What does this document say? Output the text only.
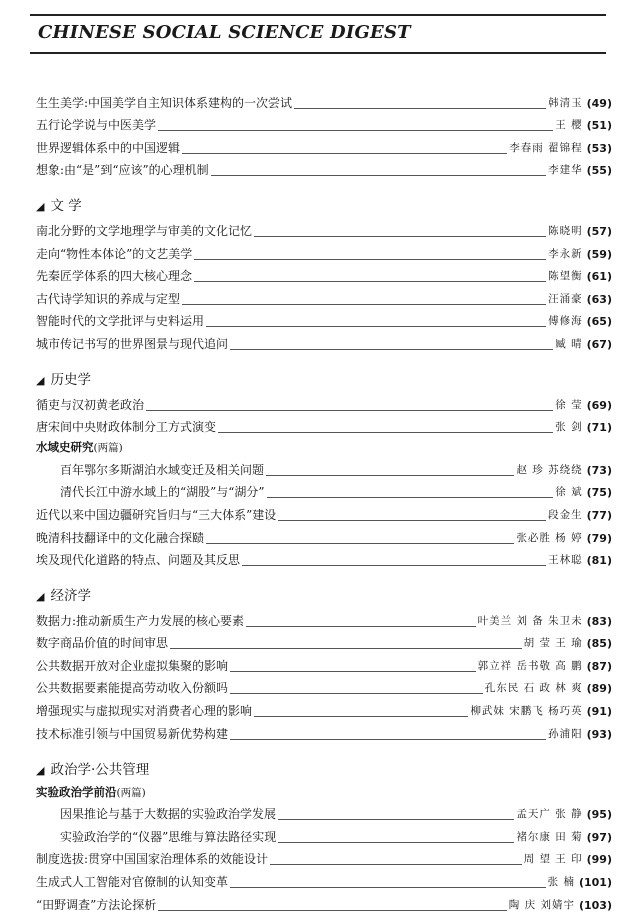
CHINESE SOCIAL SCIENCE DIGEST
生生美学:中国美学自主知识体系建构的一次尝试	韩清玉 (49)
五行论学说与中医美学	王 樱 (51)
世界逻辑体系中的中国逻辑	李春雨 翟锦程 (53)
想象:由“是”到“应该”的心理机制	李建华 (55)
◢ 文 学
南北分野的文学地理学与审美的文化记忆	陈晓明 (57)
走向“物性本体论”的文艺美学	李永新 (59)
先秦匠学体系的四大核心理念	陈望衡 (61)
古代诗学知识的养成与定型	汪涌豪 (63)
智能时代的文学批评与史料运用	傅修海 (65)
城市传记书写的世界图景与现代追问	臧 晴 (67)
◢ 历史学
循吏与汉初黄老政治	徐 莹 (69)
唐宋间中央财政体制分工方式演变	张 剑 (71)
水域史研究 (两篇)
百年鄂尔多斯湖泊水域变迁及相关问题	赵 珍 苏绕绕 (73)
清代长江中游水域上的“湖股”与“湖分”	徐 斌 (75)
近代以来中国边疆研究旨归与“三大体系”建设	段金生 (77)
晚清科技翻译中的文化融合探赜	张必胜 杨 婷 (79)
埃及现代化道路的特点、问题及其反思	王林聪 (81)
◢ 经济学
数据力:推动新质生产力发展的核心要素	叶美兰 刘 备 朱卫未 (83)
数字商品价值的时间审思	胡 莹 王 瑜 (85)
公共数据开放对企业虚拟集聚的影响	郭立祥 岳书敬 高 鹏 (87)
公共数据要素能提高劳动收入份额吗	孔东民 石 政 林 爽 (89)
增强现实与虚拟现实对消费者心理的影响	柳武妹 宋鹏飞 杨巧英 (91)
技术标准引领与中国贸易新优势构建	孙浦阳 (93)
◢ 政治学·公共管理
实验政治学前沿 (两篇)
因果推论与基于大数据的实验政治学发展	孟天广 张 静 (95)
实验政治学的“仪器”思维与算法路径实现	褚尔康 田 菊 (97)
制度选拔:贯穿中国国家治理体系的效能设计	周 望 王 印 (99)
生成式人工智能对官僚制的认知变革	张 楠 (101)
“田野调查”方法论探析	陶 庆 刘婧宇 (103)
